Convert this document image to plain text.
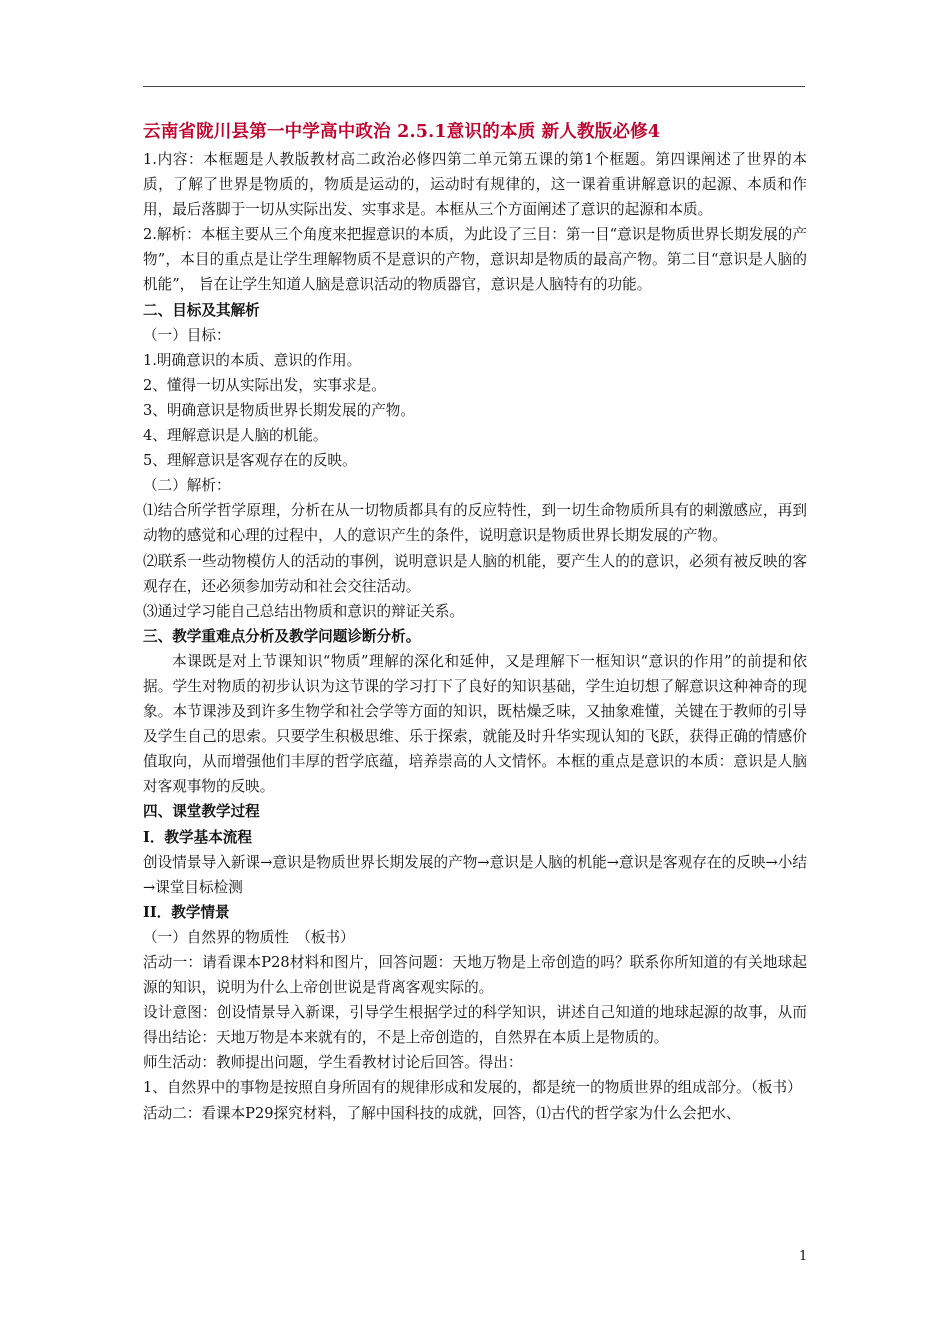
云南省陇川县第一中学高中政治 2.5.1意识的本质 新人教版必修4

1.内容：本框题是人教版教材高二政治必修四第二单元第五课的第1个框题。第四课阐述了世界的本质，了解了世界是物质的，物质是运动的，运动时有规律的，这一课着重讲解意识的起源、本质和作用，最后落脚于一切从实际出发、实事求是。本框从三个方面阐述了意识的起源和本质。

2.解析：本框主要从三个角度来把握意识的本质，为此设了三目：第一目“意识是物质世界长期发展的产物”，本目的重点是让学生理解物质不是意识的产物，意识却是物质的最高产物。第二目“意识是人脑的机能”， 旨在让学生知道人脑是意识活动的物质器官，意识是人脑特有的功能。

二、目标及其解析

（一）目标：

1.明确意识的本质、意识的作用。

2、懂得一切从实际出发，实事求是。

3、明确意识是物质世界长期发展的产物。

4、理解意识是人脑的机能。

5、理解意识是客观存在的反映。

（二）解析：

⑴结合所学哲学原理，分析在从一切物质都具有的反应特性，到一切生命物质所具有的刺激感应，再到动物的感觉和心理的过程中，人的意识产生的条件，说明意识是物质世界长期发展的产物。

⑵联系一些动物模仿人的活动的事例，说明意识是人脑的机能，要产生人的的意识，必须有被反映的客观存在，还必须参加劳动和社会交往活动。

⑶通过学习能自己总结出物质和意识的辩证关系。

三、教学重难点分析及教学问题诊断分析。

本课既是对上节课知识“物质”理解的深化和延伸，又是理解下一框知识“意识的作用”的前提和依据。学生对物质的初步认识为这节课的学习打下了良好的知识基础，学生迫切想了解意识这种神奇的现象。本节课涉及到许多生物学和社会学等方面的知识，既枯燥乏味，又抽象难懂，关键在于教师的引导及学生自己的思索。只要学生积极思维、乐于探索，就能及时升华实现认知的飞跃，获得正确的情感价值取向，从而增强他们丰厚的哲学底蕴，培养崇高的人文情怀。本框的重点是意识的本质：意识是人脑对客观事物的反映。

四、课堂教学过程

I．教学基本流程

创设情景导入新课→意识是物质世界长期发展的产物→意识是人脑的机能→意识是客观存在的反映→小结→课堂目标检测

II．教学情景

（一）自然界的物质性　（板书）

活动一：请看课本P28材料和图片，回答问题：天地万物是上帝创造的吗？联系你所知道的有关地球起源的知识，说明为什么上帝创世说是背离客观实际的。

设计意图：创设情景导入新课，引导学生根据学过的科学知识，讲述自己知道的地球起源的故事，从而得出结论：天地万物是本来就有的，不是上帝创造的，自然界在本质上是物质的。

师生活动：教师提出问题，学生看教材讨论后回答。得出：

1、自然界中的事物是按照自身所固有的规律形成和发展的，都是统一的物质世界的组成部分。（板书）

活动二：看课本P29探究材料，了解中国科技的成就，回答，⑴古代的哲学家为什么会把水、

1
